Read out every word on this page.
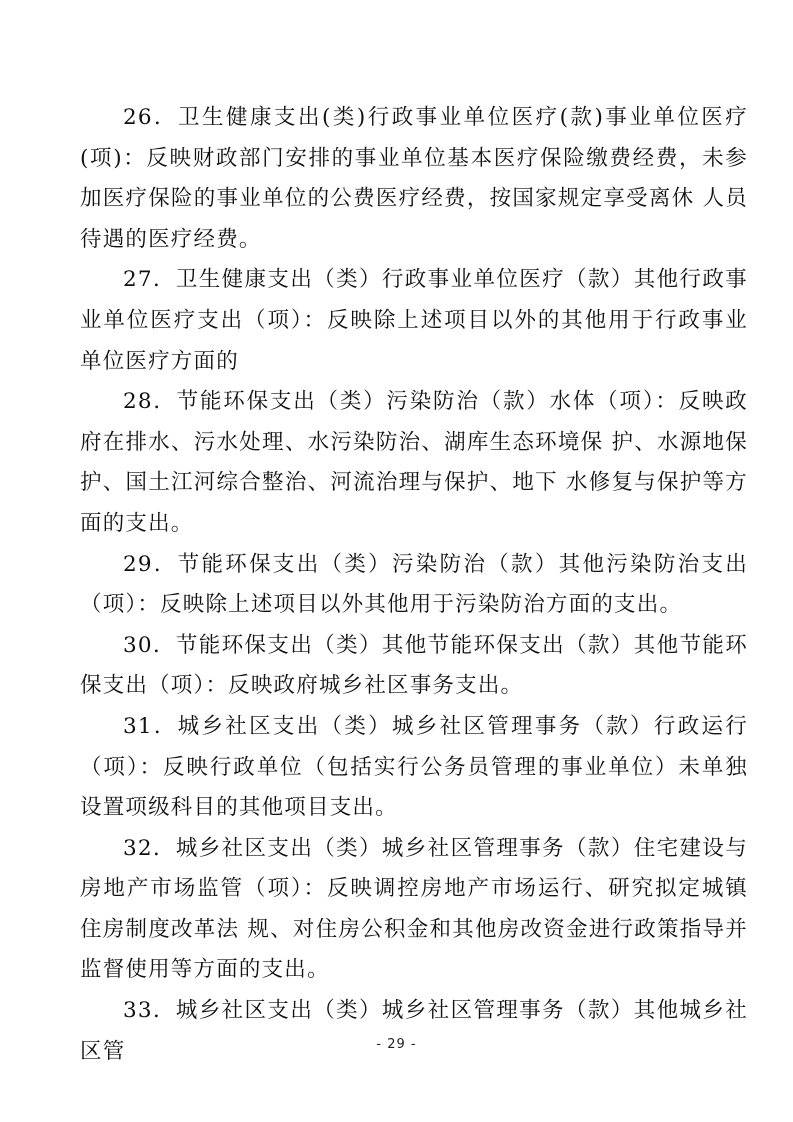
26．卫生健康支出(类)行政事业单位医疗(款)事业单位医疗(项)：反映财政部门安排的事业单位基本医疗保险缴费经费，未参 加医疗保险的事业单位的公费医疗经费，按国家规定享受离休 人员待遇的医疗经费。

27．卫生健康支出（类）行政事业单位医疗（款）其他行政事业单位医疗支出（项）：反映除上述项目以外的其他用于行政事业单位医疗方面的

28．节能环保支出（类）污染防治（款）水体（项）：反映政府在排水、污水处理、水污染防治、湖库生态环境保 护、水源地保护、国土江河综合整治、河流治理与保护、地下 水修复与保护等方面的支出。

29．节能环保支出（类）污染防治（款）其他污染防治支出（项）：反映除上述项目以外其他用于污染防治方面的支出。

30．节能环保支出（类）其他节能环保支出（款）其他节能环保支出（项）：反映政府城乡社区事务支出。

31．城乡社区支出（类）城乡社区管理事务（款）行政运行（项）：反映行政单位（包括实行公务员管理的事业单位）未单独 设置项级科目的其他项目支出。

32．城乡社区支出（类）城乡社区管理事务（款）住宅建设与房地产市场监管（项）：反映调控房地产市场运行、研究拟定城镇住房制度改革法 规、对住房公积金和其他房改资金进行政策指导并监督使用等方面的支出。

33．城乡社区支出（类）城乡社区管理事务（款）其他城乡社区管	- 29 -
